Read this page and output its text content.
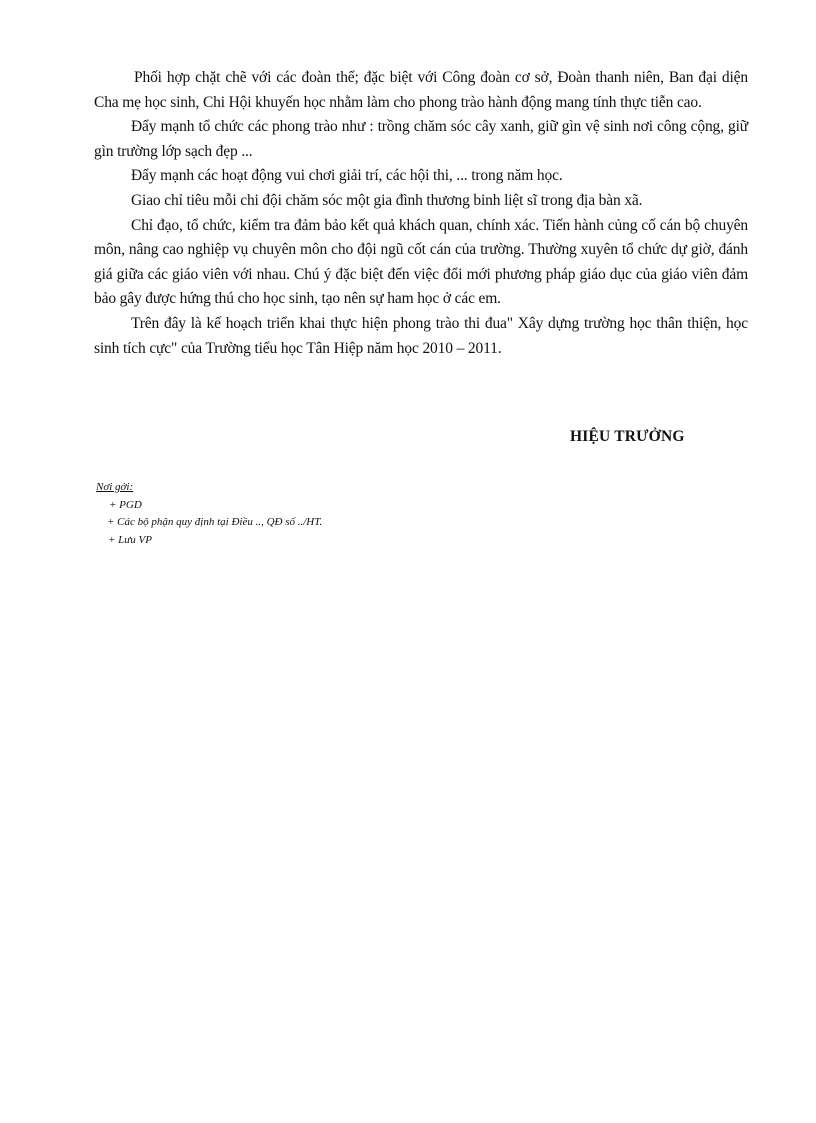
Phối hợp chặt chẽ với các đoàn thể; đặc biệt với Công đoàn cơ sở, Đoàn thanh niên, Ban đại diện Cha mẹ học sinh, Chi Hội khuyến học nhằm làm cho phong trào hành động mang tính thực tiễn cao.

Đẩy mạnh tổ chức các phong trào như : trồng chăm sóc cây xanh, giữ gìn vệ sinh nơi công cộng, giữ gìn trường lớp sạch đẹp ...

Đẩy mạnh các hoạt động vui chơi giải trí, các hội thi, ... trong năm học.

Giao chỉ tiêu mỗi chi đội chăm sóc một gia đình thương binh liệt sĩ trong địa bàn xã.

Chỉ đạo, tổ chức, kiểm tra đảm bảo kết quả khách quan, chính xác. Tiến hành củng cố cán bộ chuyên môn, nâng cao nghiệp vụ chuyên môn cho đội ngũ cốt cán của trường. Thường xuyên tổ chức dự giờ, đánh giá giữa các giáo viên với nhau. Chú ý đặc biệt đến việc đổi mới phương pháp giáo dục của giáo viên đảm bảo gây được hứng thú cho học sinh, tạo nên sự ham học ở các em.

Trên đây là kế hoạch triển khai thực hiện phong trào thi đua" Xây dựng trường học thân thiện, học sinh tích cực" của Trường tiểu học Tân Hiệp năm học 2010 – 2011.

HIỆU TRƯỞNG
Nơi gởi:
+ PGD
+ Các bộ phận quy định tại Điều .., QĐ số ../HT.
+ Lưu VP
